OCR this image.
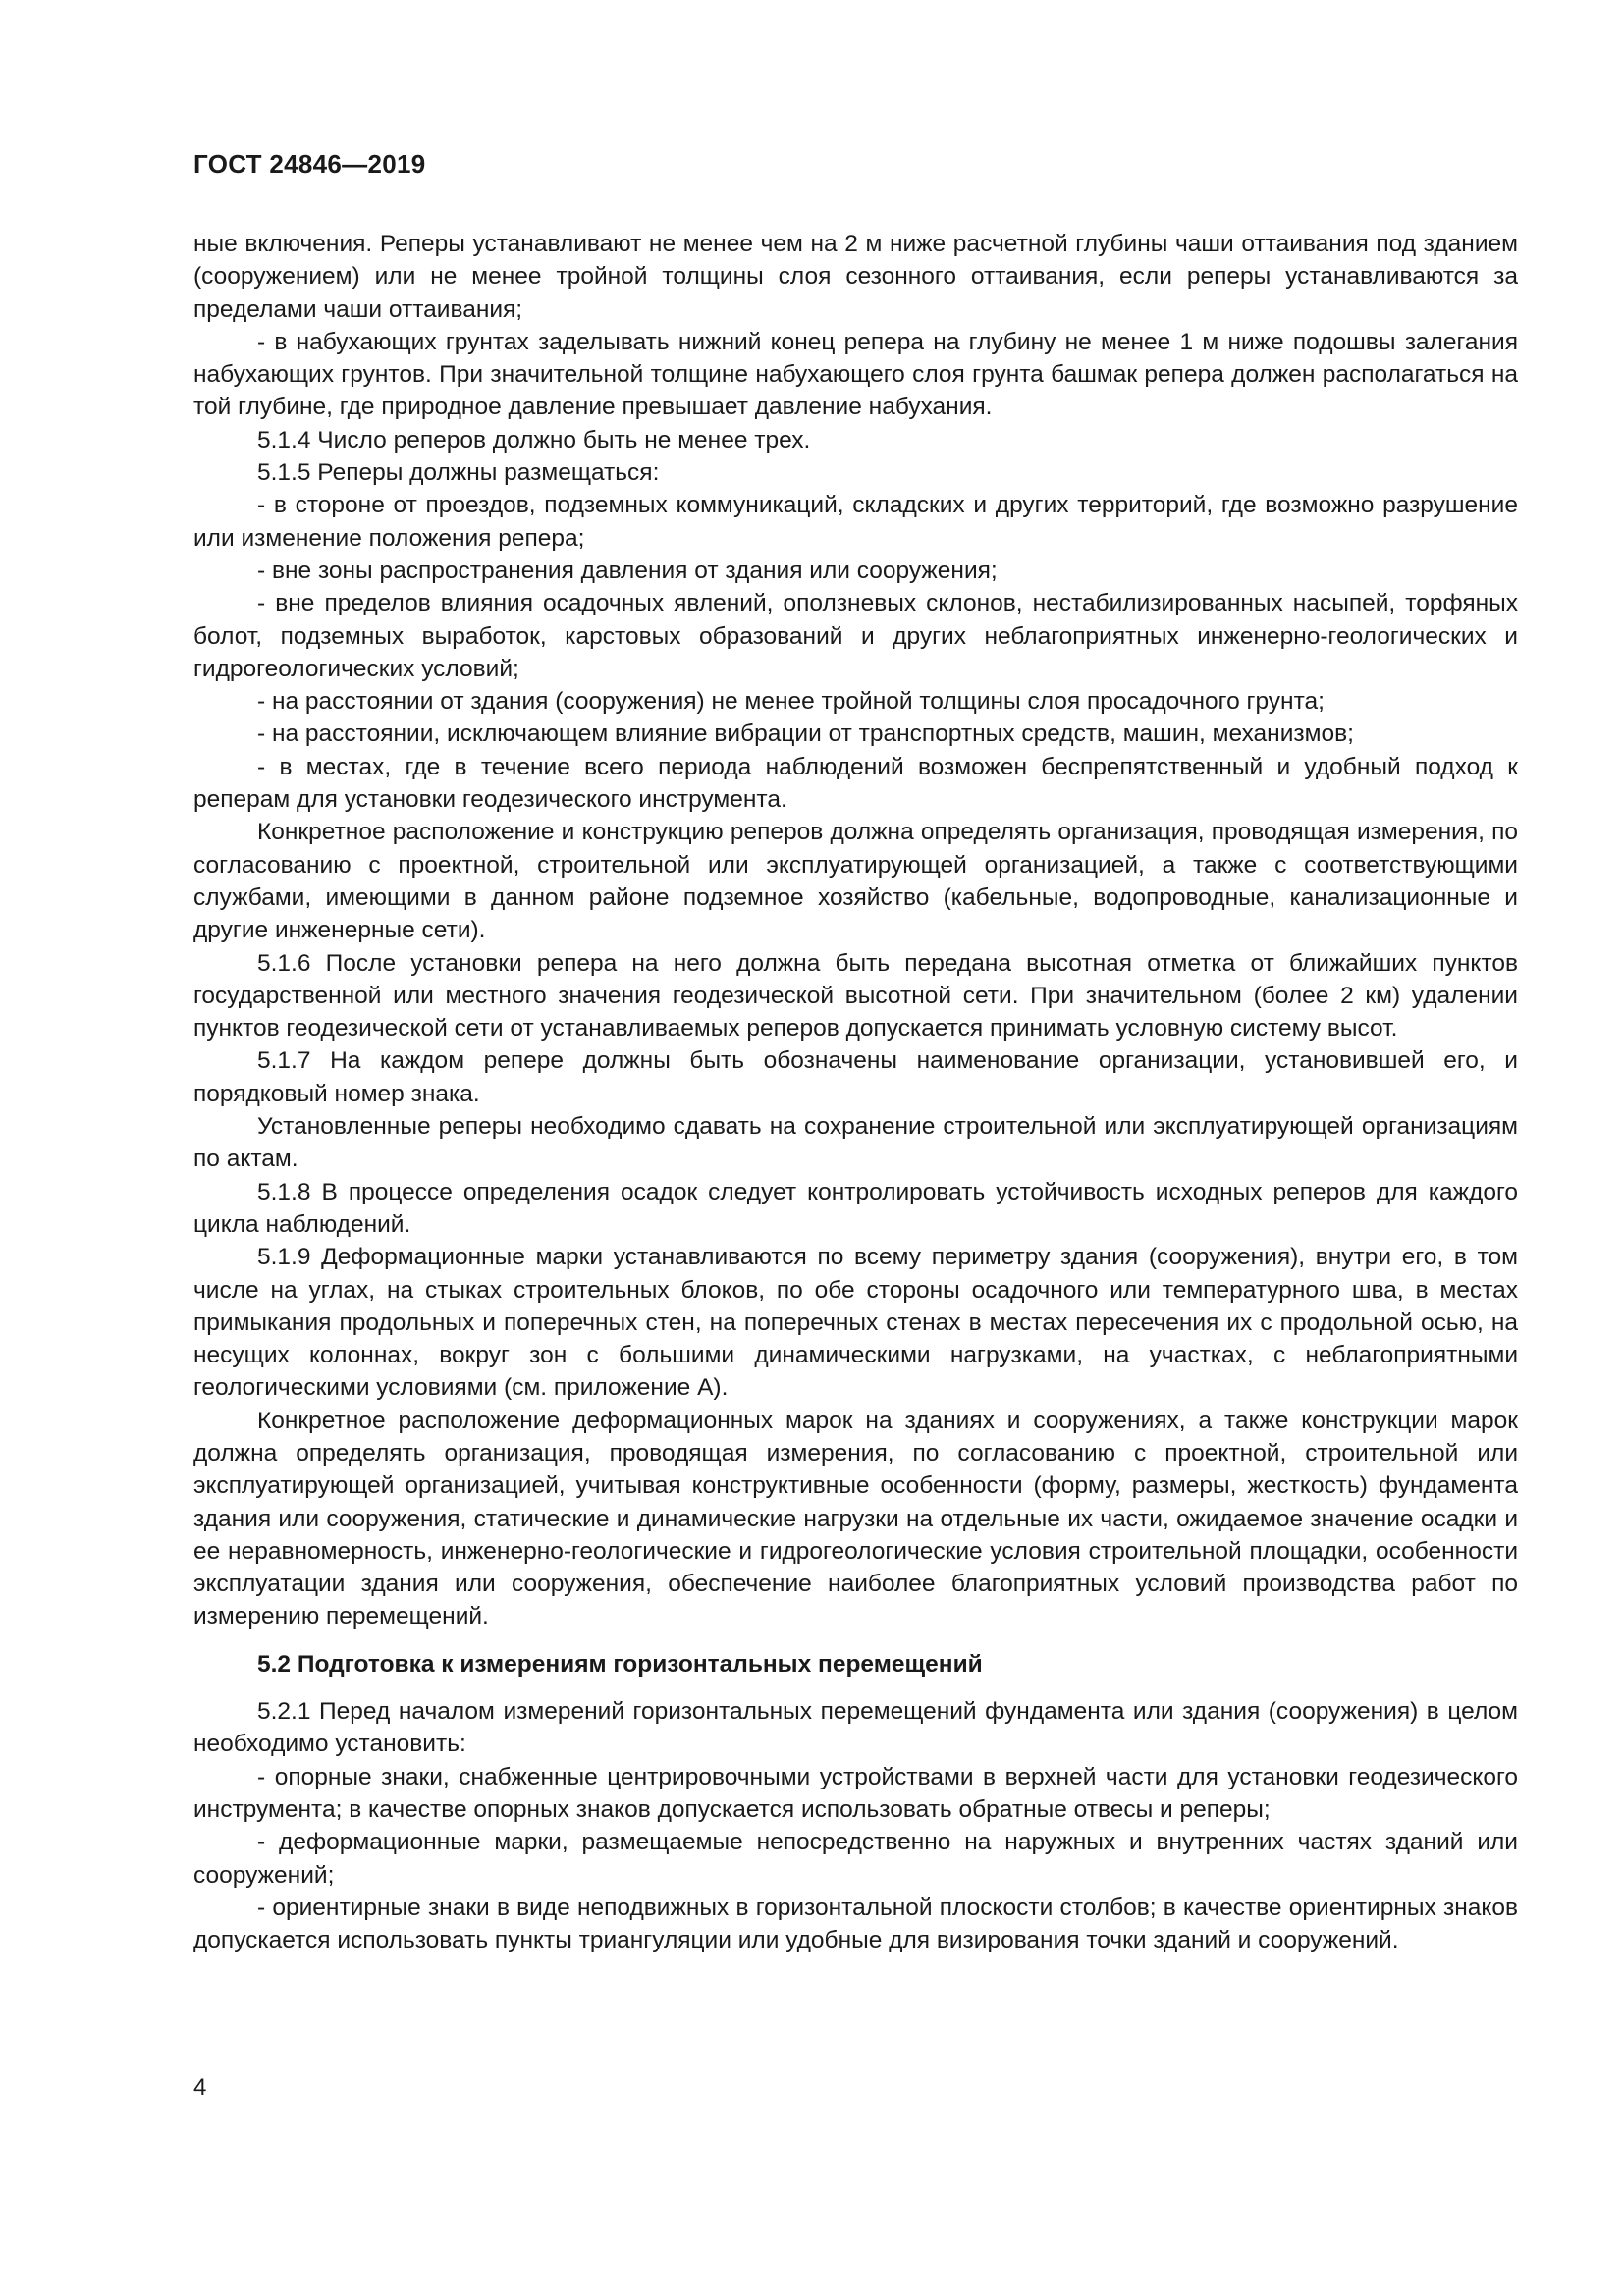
ГОСТ 24846—2019

ные включения. Реперы устанавливают не менее чем на 2 м ниже расчетной глубины чаши оттаивания под зданием (сооружением) или не менее тройной толщины слоя сезонного оттаивания, если реперы устанавливаются за пределами чаши оттаивания;

- в набухающих грунтах заделывать нижний конец репера на глубину не менее 1 м ниже подошвы залегания набухающих грунтов. При значительной толщине набухающего слоя грунта башмак репера должен располагаться на той глубине, где природное давление превышает давление набухания.

5.1.4 Число реперов должно быть не менее трех.

5.1.5 Реперы должны размещаться:

- в стороне от проездов, подземных коммуникаций, складских и других территорий, где возможно разрушение или изменение положения репера;

- вне зоны распространения давления от здания или сооружения;

- вне пределов влияния осадочных явлений, оползневых склонов, нестабилизированных насыпей, торфяных болот, подземных выработок, карстовых образований и других неблагоприятных инженерно-геологических и гидрогеологических условий;

- на расстоянии от здания (сооружения) не менее тройной толщины слоя просадочного грунта;

- на расстоянии, исключающем влияние вибрации от транспортных средств, машин, механизмов;

- в местах, где в течение всего периода наблюдений возможен беспрепятственный и удобный подход к реперам для установки геодезического инструмента.

Конкретное расположение и конструкцию реперов должна определять организация, проводящая измерения, по согласованию с проектной, строительной или эксплуатирующей организацией, а также с соответствующими службами, имеющими в данном районе подземное хозяйство (кабельные, водопроводные, канализационные и другие инженерные сети).

5.1.6 После установки репера на него должна быть передана высотная отметка от ближайших пунктов государственной или местного значения геодезической высотной сети. При значительном (более 2 км) удалении пунктов геодезической сети от устанавливаемых реперов допускается принимать условную систему высот.

5.1.7 На каждом репере должны быть обозначены наименование организации, установившей его, и порядковый номер знака.

Установленные реперы необходимо сдавать на сохранение строительной или эксплуатирующей организациям по актам.

5.1.8 В процессе определения осадок следует контролировать устойчивость исходных реперов для каждого цикла наблюдений.

5.1.9 Деформационные марки устанавливаются по всему периметру здания (сооружения), внутри его, в том числе на углах, на стыках строительных блоков, по обе стороны осадочного или температурного шва, в местах примыкания продольных и поперечных стен, на поперечных стенах в местах пересечения их с продольной осью, на несущих колоннах, вокруг зон с большими динамическими нагрузками, на участках, с неблагоприятными геологическими условиями (см. приложение А).

Конкретное расположение деформационных марок на зданиях и сооружениях, а также конструкции марок должна определять организация, проводящая измерения, по согласованию с проектной, строительной или эксплуатирующей организацией, учитывая конструктивные особенности (форму, размеры, жесткость) фундамента здания или сооружения, статические и динамические нагрузки на отдельные их части, ожидаемое значение осадки и ее неравномерность, инженерно-геологические и гидрогеологические условия строительной площадки, особенности эксплуатации здания или сооружения, обеспечение наиболее благоприятных условий производства работ по измерению перемещений.

5.2 Подготовка к измерениям горизонтальных перемещений

5.2.1 Перед началом измерений горизонтальных перемещений фундамента или здания (сооружения) в целом необходимо установить:

- опорные знаки, снабженные центрировочными устройствами в верхней части для установки геодезического инструмента; в качестве опорных знаков допускается использовать обратные отвесы и реперы;

- деформационные марки, размещаемые непосредственно на наружных и внутренних частях зданий или сооружений;

- ориентирные знаки в виде неподвижных в горизонтальной плоскости столбов; в качестве ориентирных знаков допускается использовать пункты триангуляции или удобные для визирования точки зданий и сооружений.

4
